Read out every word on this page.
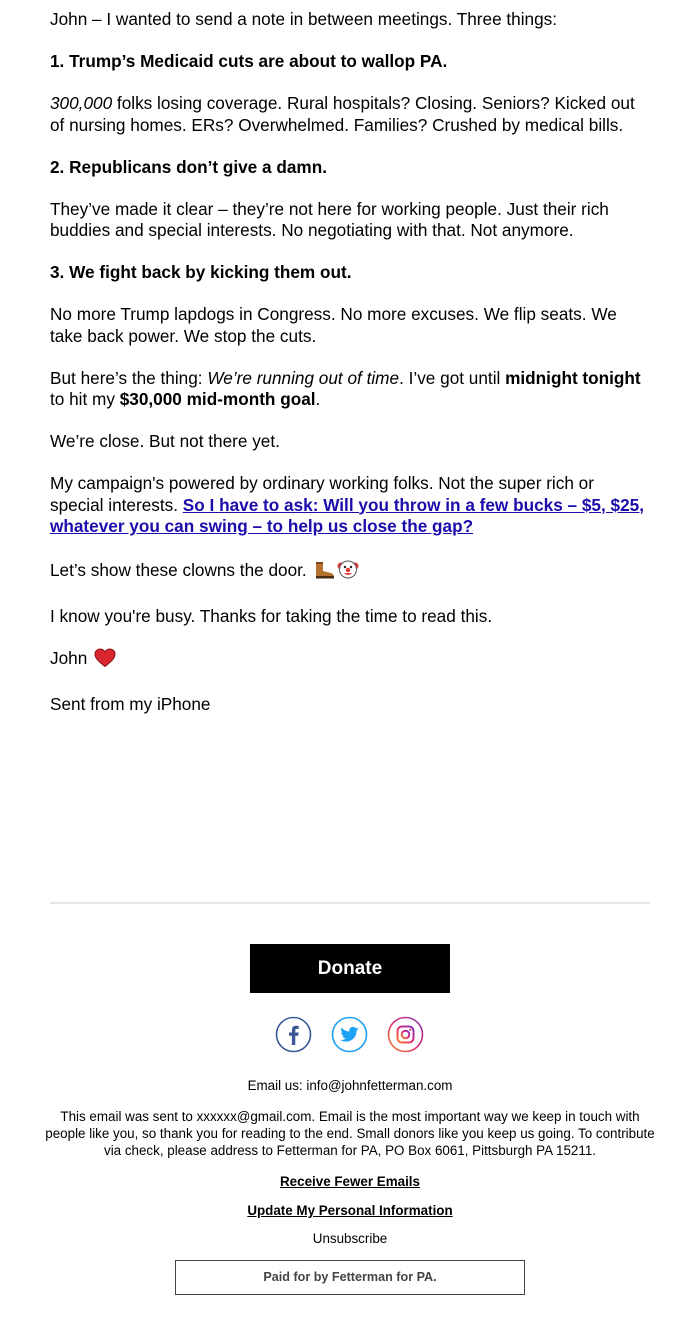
John – I wanted to send a note in between meetings. Three things:

1. Trump’s Medicaid cuts are about to wallop PA.

300,000 folks losing coverage. Rural hospitals? Closing. Seniors? Kicked out of nursing homes. ERs? Overwhelmed. Families? Crushed by medical bills.

2. Republicans don’t give a damn.

They’ve made it clear – they’re not here for working people. Just their rich buddies and special interests. No negotiating with that. Not anymore.

3. We fight back by kicking them out.

No more Trump lapdogs in Congress. No more excuses. We flip seats. We take back power. We stop the cuts.

But here’s the thing: We’re running out of time. I’ve got until midnight tonight to hit my $30,000 mid-month goal.

We’re close. But not there yet.

My campaign's powered by ordinary working folks. Not the super rich or special interests. So I have to ask: Will you throw in a few bucks – $5, $25, whatever you can swing – to help us close the gap?

Let’s show these clowns the door.

I know you're busy. Thanks for taking the time to read this.

John

Sent from my iPhone

Donate
Email us: info@johnfetterman.com
This email was sent to xxxxxx@gmail.com. Email is the most important way we keep in touch with people like you, so thank you for reading to the end. Small donors like you keep us going. To contribute via check, please address to Fetterman for PA, PO Box 6061, Pittsburgh PA 15211.
Receive Fewer Emails
Update My Personal Information
Unsubscribe
Paid for by Fetterman for PA.
